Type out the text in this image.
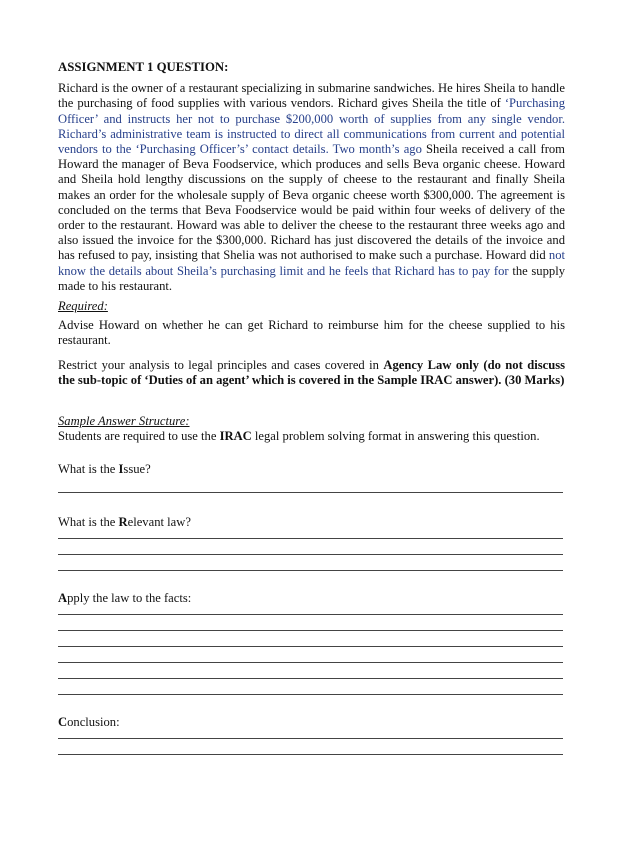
ASSIGNMENT 1 QUESTION:

Richard is the owner of a restaurant specializing in submarine sandwiches. He hires Sheila to handle the purchasing of food supplies with various vendors. Richard gives Sheila the title of ‘Purchasing Officer’ and instructs her not to purchase $200,000 worth of supplies from any single vendor. Richard’s administrative team is instructed to direct all communications from current and potential vendors to the ‘Purchasing Officer’s’ contact details. Two month’s ago Sheila received a call from Howard the manager of Beva Foodservice, which produces and sells Beva organic cheese. Howard and Sheila hold lengthy discussions on the supply of cheese to the restaurant and finally Sheila makes an order for the wholesale supply of Beva organic cheese worth $300,000. The agreement is concluded on the terms that Beva Foodservice would be paid within four weeks of delivery of the order to the restaurant. Howard was able to deliver the cheese to the restaurant three weeks ago and also issued the invoice for the $300,000. Richard has just discovered the details of the invoice and has refused to pay, insisting that Shelia was not authorised to make such a purchase. Howard did not know the details about Sheila’s purchasing limit and he feels that Richard has to pay for the supply made to his restaurant.

Required:

Advise Howard on whether he can get Richard to reimburse him for the cheese supplied to his restaurant.

Restrict your analysis to legal principles and cases covered in Agency Law only (do not discuss the sub-topic of ‘Duties of an agent’ which is covered in the Sample IRAC answer). (30 Marks)

Sample Answer Structure:

Students are required to use the IRAC legal problem solving format in answering this question.

What is the Issue?

What is the Relevant law?

Apply the law to the facts:

Conclusion:
